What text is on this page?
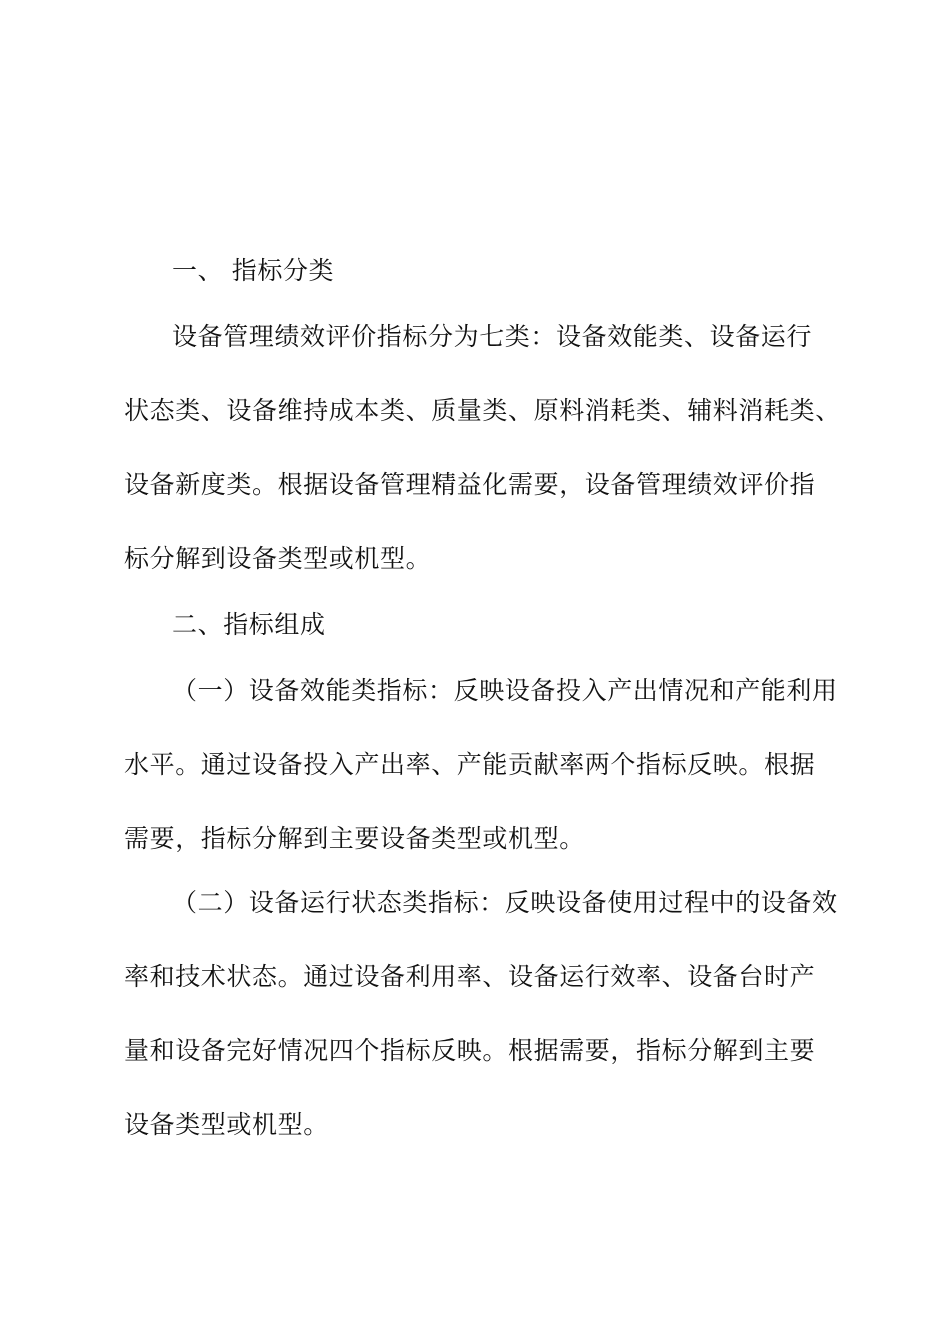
一、 指标分类
设备管理绩效评价指标分为七类：设备效能类、设备运行
状态类、设备维持成本类、质量类、原料消耗类、辅料消耗类、
设备新度类。根据设备管理精益化需要，设备管理绩效评价指
标分解到设备类型或机型。
二、指标组成
（一）设备效能类指标：反映设备投入产出情况和产能利用
水平。通过设备投入产出率、产能贡献率两个指标反映。根据
需要，指标分解到主要设备类型或机型。
（二）设备运行状态类指标：反映设备使用过程中的设备效
率和技术状态。通过设备利用率、设备运行效率、设备台时产
量和设备完好情况四个指标反映。根据需要，指标分解到主要
设备类型或机型。
